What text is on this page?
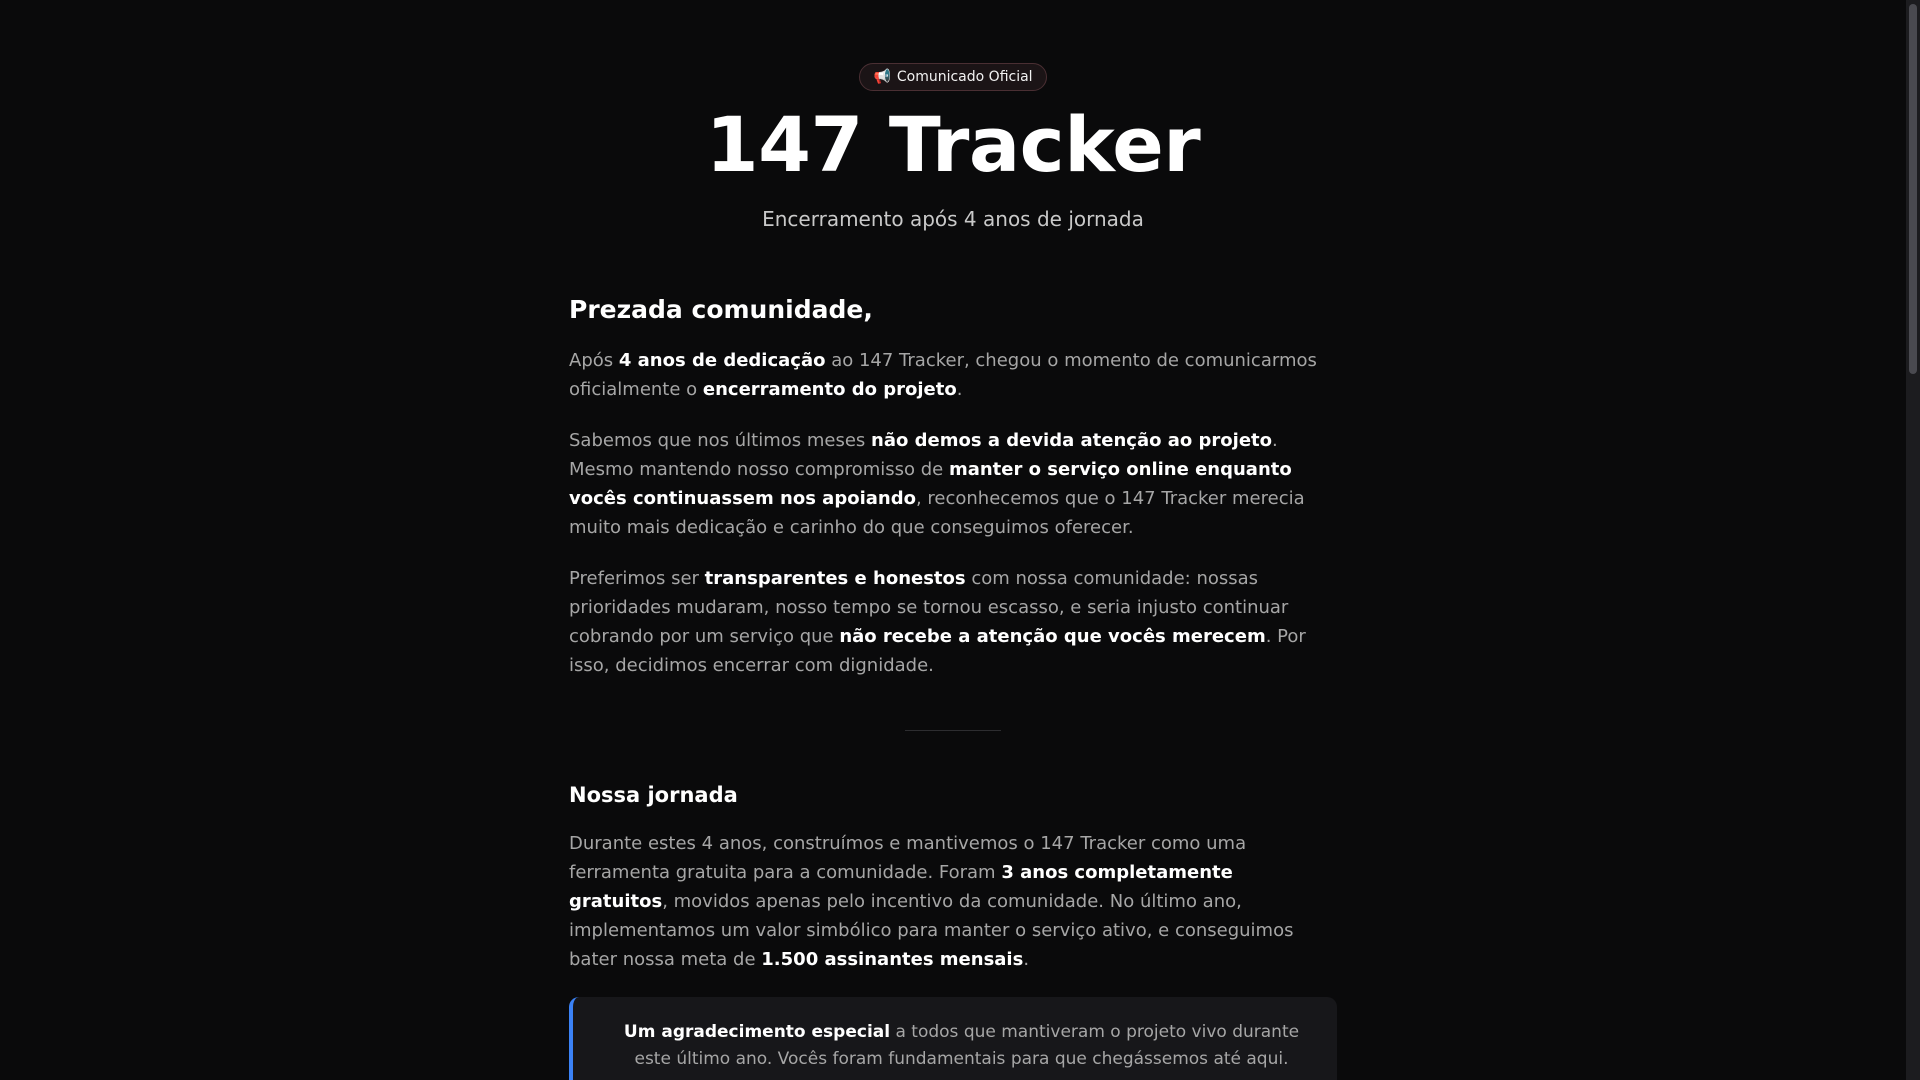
📢 Comunicado Oficial
147 Tracker

Encerramento após 4 anos de jornada

Prezada comunidade,

Após 4 anos de dedicação ao 147 Tracker, chegou o momento de comunicarmos oficialmente o encerramento do projeto.

Sabemos que nos últimos meses não demos a devida atenção ao projeto. Mesmo mantendo nosso compromisso de manter o serviço online enquanto vocês continuassem nos apoiando, reconhecemos que o 147 Tracker merecia muito mais dedicação e carinho do que conseguimos oferecer.

Preferimos ser transparentes e honestos com nossa comunidade: nossas prioridades mudaram, nosso tempo se tornou escasso, e seria injusto continuar cobrando por um serviço que não recebe a atenção que vocês merecem. Por isso, decidimos encerrar com dignidade.

Nossa jornada

Durante estes 4 anos, construímos e mantivemos o 147 Tracker como uma ferramenta gratuita para a comunidade. Foram 3 anos completamente gratuitos, movidos apenas pelo incentivo da comunidade. No último ano, implementamos um valor simbólico para manter o serviço ativo, e conseguimos bater nossa meta de 1.500 assinantes mensais.

Um agradecimento especial a todos que mantiveram o projeto vivo durante este último ano. Vocês foram fundamentais para que chegássemos até aqui.
